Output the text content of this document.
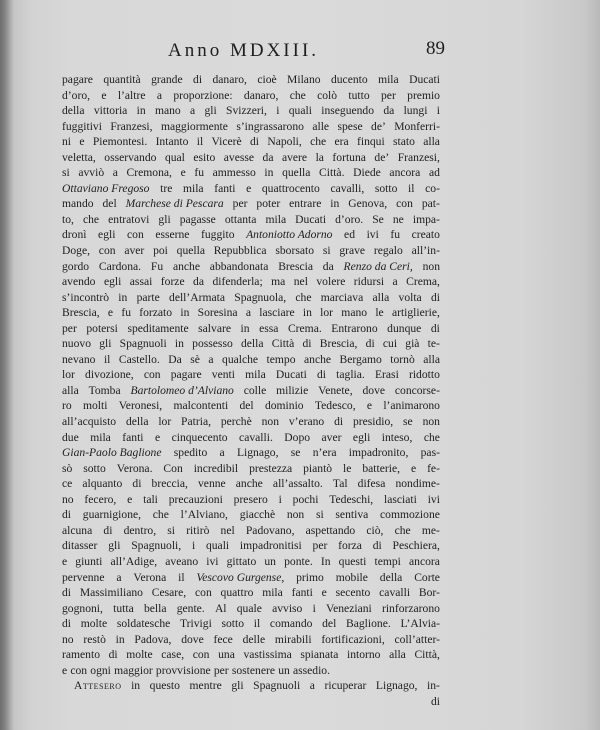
Anno MDXIII.	89
pagare quantità grande di danaro, cioè Milano ducento mila Ducati
d’oro, e l’altre a proporzione: danaro, che colò tutto per premio
della vittoria in mano a gli Svizzeri, i quali inseguendo da lungi i
fuggitivi Franzesi, maggiormente s’ingrassarono alle spese de’ Monferri-
ni e Piemontesi. Intanto il Vicerè di Napoli, che era finqui stato alla
veletta, osservando qual esito avesse da avere la fortuna de’ Franzesi,
si avviò a Cremona, e fu ammesso in quella Città. Diede ancora ad
Ottaviano Fregoso tre mila fanti e quattrocento cavalli, sotto il co-
mando del Marchese di Pescara per poter entrare in Genova, con pat-
to, che entratovi gli pagasse ottanta mila Ducati d’oro. Se ne impa-
dronì egli con esserne fuggito Antoniotto Adorno ed ivi fu creato
Doge, con aver poi quella Repubblica sborsato si grave regalo all’in-
gordo Cardona. Fu anche abbandonata Brescia da Renzo da Ceri, non
avendo egli assai forze da difenderla; ma nel volere ridursi a Crema,
s’incontrò in parte dell’Armata Spagnuola, che marciava alla volta di
Brescia, e fu forzato in Soresina a lasciare in lor mano le artiglierie,
per potersi speditamente salvare in essa Crema. Entrarono dunque di
nuovo gli Spagnuoli in possesso della Città di Brescia, di cui già te-
nevano il Castello. Da sè a qualche tempo anche Bergamo tornò alla
lor divozione, con pagare venti mila Ducati di taglia. Erasi ridotto
alla Tomba Bartolomeo d’Alviano colle milizie Venete, dove concorse-
ro molti Veronesi, malcontenti del dominio Tedesco, e l’animarono
all’acquisto della lor Patria, perchè non v’erano di presidio, se non
due mila fanti e cinquecento cavalli. Dopo aver egli inteso, che
Gian-Paolo Baglione spedito a Lignago, se n’era impadronito, pas-
sò sotto Verona. Con incredibil prestezza piantò le batterie, e fe-
ce alquanto di breccia, venne anche all’assalto. Tal difesa nondime-
no fecero, e tali precauzioni presero i pochi Tedeschi, lasciati ivi
di guarnigione, che l’Alviano, giacchè non si sentiva commozione
alcuna di dentro, si ritirò nel Padovano, aspettando ciò, che me-
ditasser gli Spagnuoli, i quali impadronitisi per forza di Peschiera,
e giunti all’Adige, aveano ivi gittato un ponte. In questi tempi ancora
pervenne a Verona il Vescovo Gurgense, primo mobile della Corte
di Massimiliano Cesare, con quattro mila fanti e secento cavalli Bor-
gognoni, tutta bella gente. Al quale avviso i Veneziani rinforzarono
di molte soldatesche Trivigi sotto il comando del Baglione. L’Alvia-
no restò in Padova, dove fece delle mirabili fortificazioni, coll’atter-
ramento di molte case, con una vastissima spianata intorno alla Città,
e con ogni maggior provvisione per sostenere un assedio.
Attesero in questo mentre gli Spagnuoli a ricuperar Lignago, in-
di
